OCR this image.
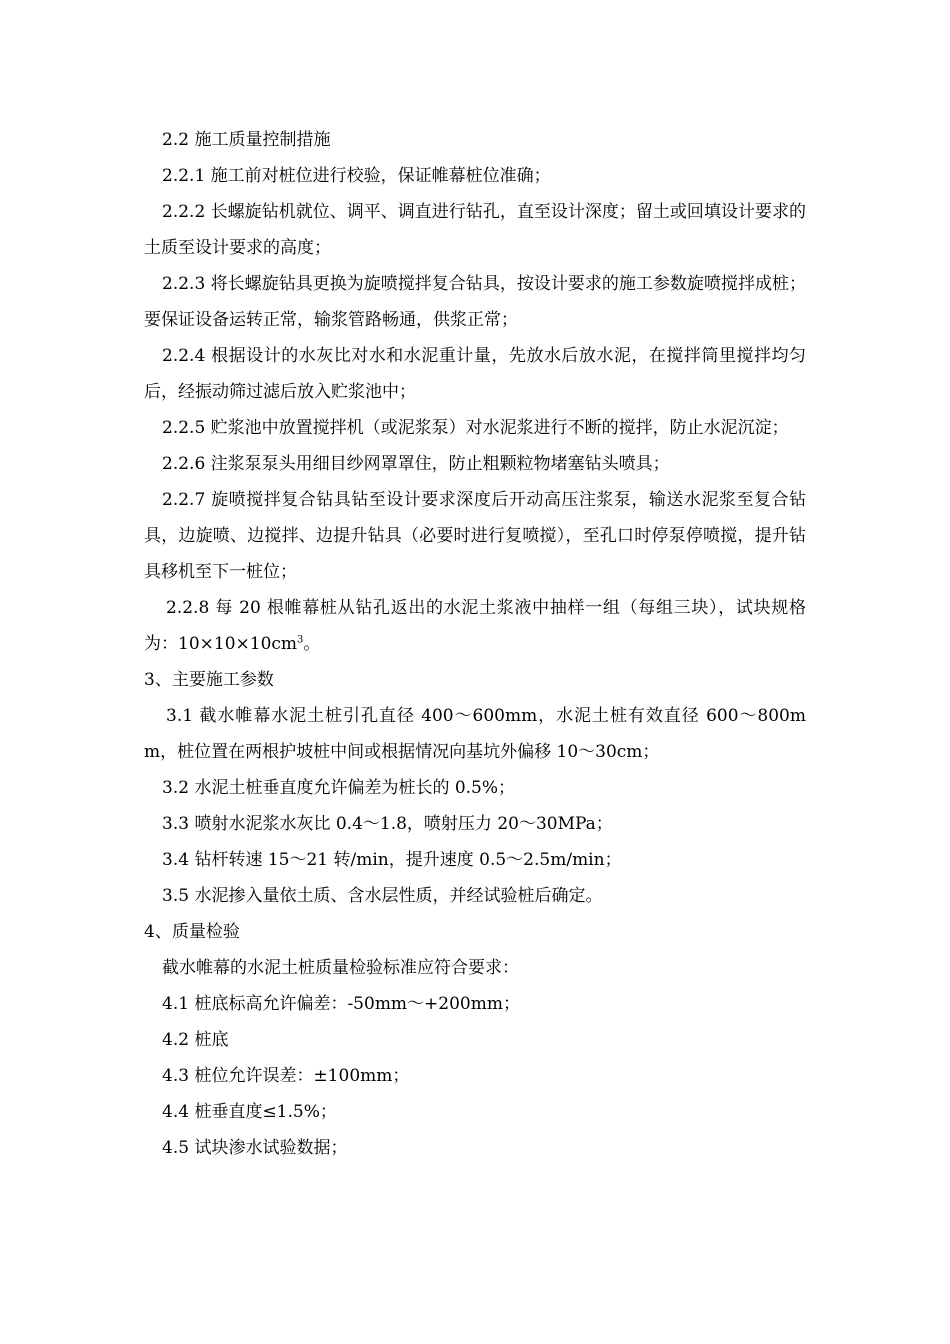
2.2 施工质量控制措施

2.2.1 施工前对桩位进行校验，保证帷幕桩位准确；

2.2.2 长螺旋钻机就位、调平、调直进行钻孔，直至设计深度；留土或回填设计要求的土质至设计要求的高度；

2.2.3 将长螺旋钻具更换为旋喷搅拌复合钻具，按设计要求的施工参数旋喷搅拌成桩；要保证设备运转正常，输浆管路畅通，供浆正常；

2.2.4 根据设计的水灰比对水和水泥重计量，先放水后放水泥，在搅拌筒里搅拌均匀后，经振动筛过滤后放入贮浆池中；

2.2.5 贮浆池中放置搅拌机（或泥浆泵）对水泥浆进行不断的搅拌，防止水泥沉淀；

2.2.6 注浆泵泵头用细目纱网罩罩住，防止粗颗粒物堵塞钻头喷具；

2.2.7 旋喷搅拌复合钻具钻至设计要求深度后开动高压注浆泵，输送水泥浆至复合钻具，边旋喷、边搅拌、边提升钻具（必要时进行复喷搅），至孔口时停泵停喷搅，提升钻具移机至下一桩位；

2.2.8 每 20 根帷幕桩从钻孔返出的水泥土浆液中抽样一组（每组三块），试块规格为：$10\times 10\times 10cm^3$。

3、主要施工参数

3.1 截水帷幕水泥土桩引孔直径 400～600mm，水泥土桩有效直径 600～800mm，桩位置在两根护坡桩中间或根据情况向基坑外偏移 10～30cm；

3.2 水泥土桩垂直度允许偏差为桩长的 0.5%；

3.3 喷射水泥浆水灰比 0.4～1.8，喷射压力 20～30MPa；

3.4 钻杆转速 15～21 转/min，提升速度 0.5～2.5m/min；

3.5 水泥掺入量依土质、含水层性质，并经试验桩后确定。

4、质量检验

截水帷幕的水泥土桩质量检验标准应符合要求：

4.1 桩底标高允许偏差：-50mm～+200mm；

4.2 桩底

4.3 桩位允许误差：±100mm；

4.4 桩垂直度≤1.5%；

4.5 试块渗水试验数据；
